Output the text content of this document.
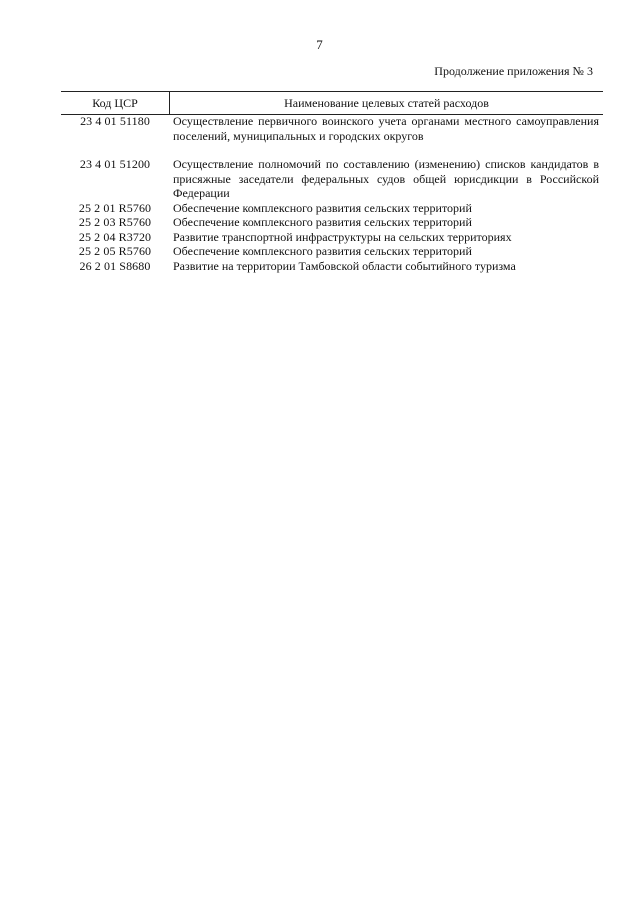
7
Продолжение приложения № 3
Код ЦСР	Наименование целевых статей расходов
23 4 01 51180	Осуществление первичного воинского учета органами местного самоуправления поселений, муниципальных и городских округов
23 4 01 51200	Осуществление полномочий по составлению (изменению) списков кандидатов в присяжные заседатели федеральных судов общей юрисдикции в Российской Федерации
25 2 01 R5760	Обеспечение комплексного развития сельских территорий
25 2 03 R5760	Обеспечение комплексного развития сельских территорий
25 2 04 R3720	Развитие транспортной инфраструктуры на сельских территориях
25 2 05 R5760	Обеспечение комплексного развития сельских территорий
26 2 01 S8680	Развитие на территории Тамбовской области событийного туризма
